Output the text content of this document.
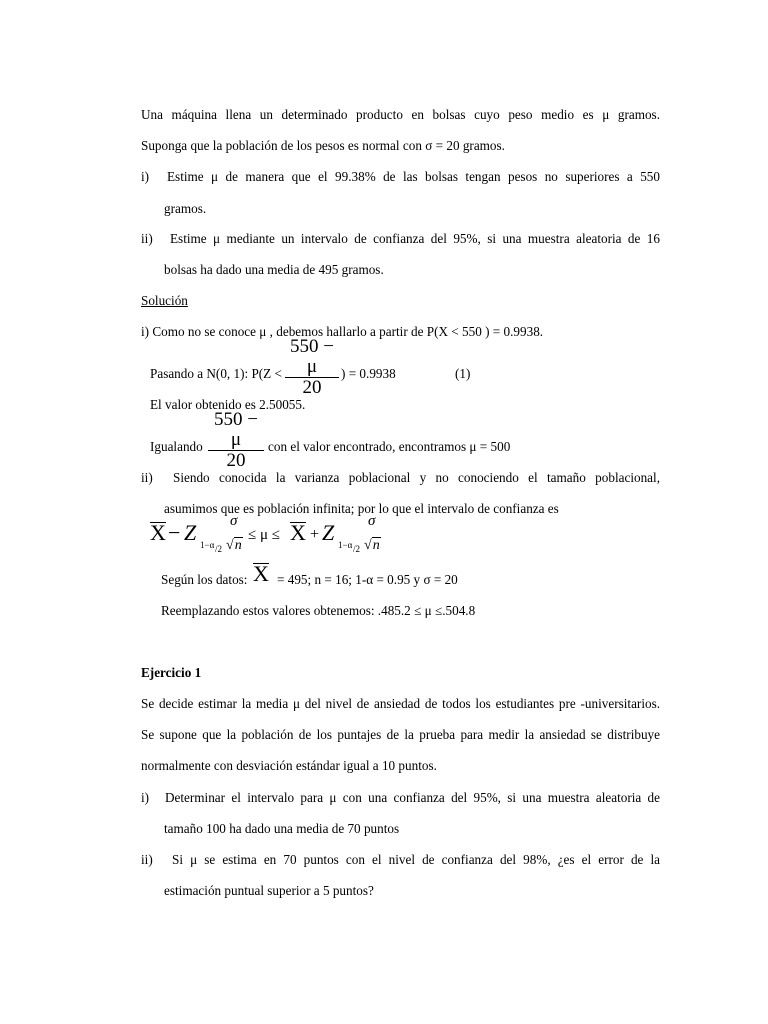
Una máquina llena un determinado producto en bolsas cuyo peso medio es μ gramos.
Suponga que la población de los pesos es normal con σ = 20 gramos.
i) Estime μ de manera que el 99.38% de las bolsas tengan pesos no superiores a 550
gramos.
ii) Estime μ mediante un intervalo de confianza del 95%, si una muestra aleatoria de 16
bolsas ha dado una media de 495 gramos.
Solución
i) Como no se conoce μ , debemos hallarlo a partir de P(X < 550 ) = 0.9938.
550 − μ
20
Pasando a N(0, 1): P(Z <	) = 0.9938	(1)
El valor obtenido es 2.50055.
550 − μ
20
Igualando	con el valor encontrado, encontramos μ = 500
ii) Siendo conocida la varianza poblacional y no conociendo el tamaño poblacional,
asumimos que es población infinita; por lo que el intervalo de confianza es
X − Z 1−α /2
σ
√n
≤ μ ≤ X + Z 1−α /2
σ
√n
Según los datos: X = 495; n = 16; 1-α = 0.95 y σ = 20
Reemplazando estos valores obtenemos: .485.2 ≤ μ ≤.504.8
Ejercicio 1
Se decide estimar la media μ del nivel de ansiedad de todos los estudiantes pre -universitarios.
Se supone que la población de los puntajes de la prueba para medir la ansiedad se distribuye
normalmente con desviación estándar igual a 10 puntos.
i) Determinar el intervalo para μ con una confianza del 95%, si una muestra aleatoria de
tamaño 100 ha dado una media de 70 puntos
ii) Si μ se estima en 70 puntos con el nivel de confianza del 98%, ¿es el error de la
estimación puntual superior a 5 puntos?
